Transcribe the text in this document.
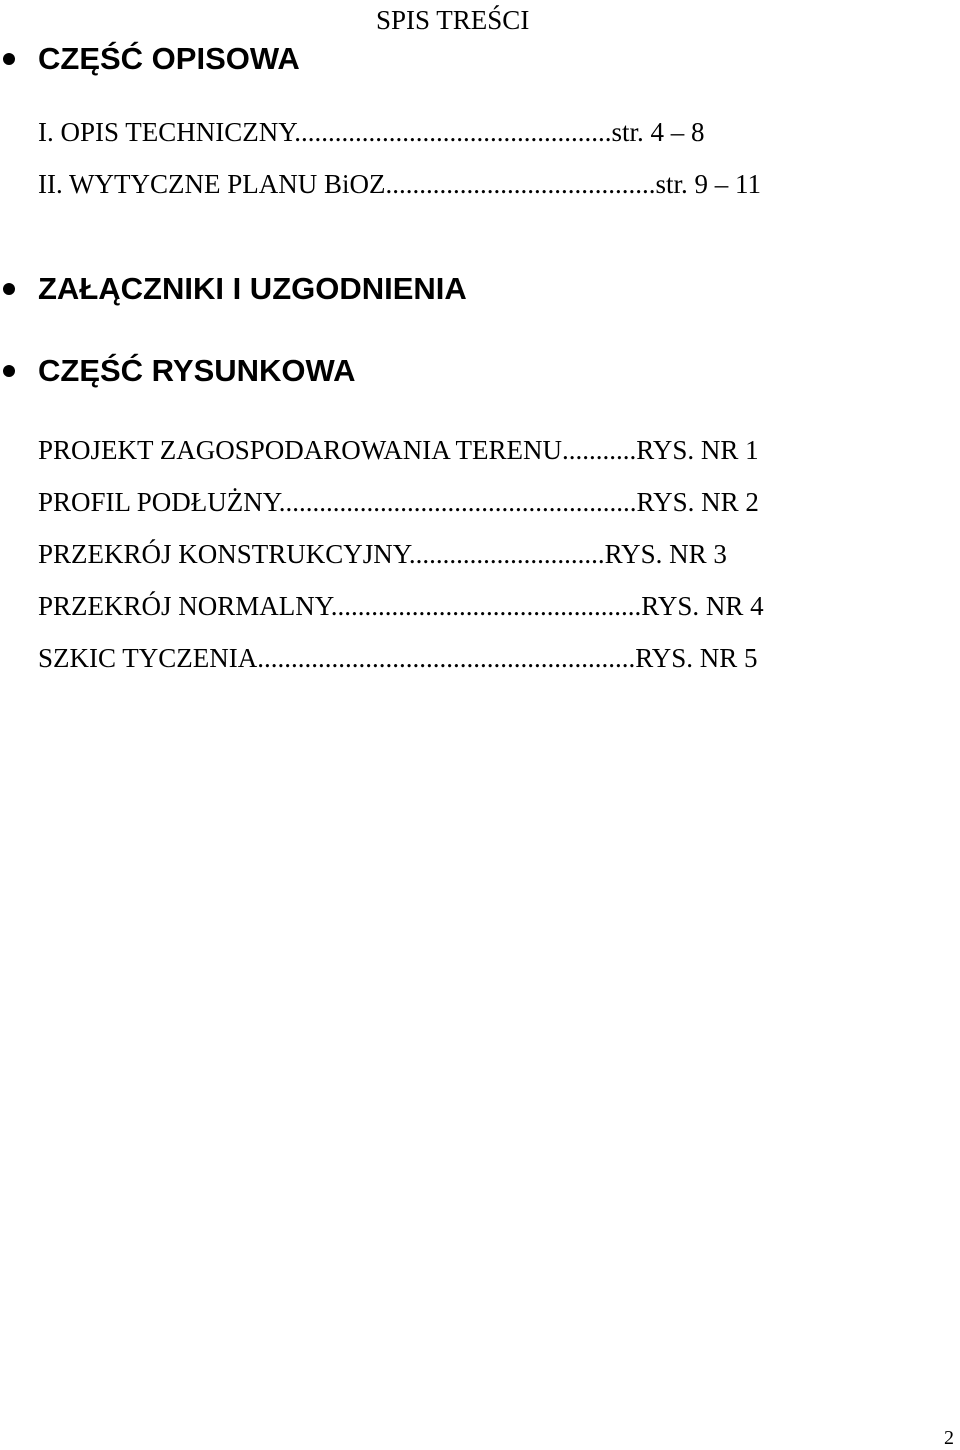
SPIS TREŚCI
CZĘŚĆ OPISOWA
I. OPIS TECHNICZNY...............................................str. 4 – 8
II. WYTYCZNE PLANU BiOZ........................................str. 9 – 11
ZAŁĄCZNIKI I UZGODNIENIA
CZĘŚĆ RYSUNKOWA
PROJEKT ZAGOSPODAROWANIA TERENU...........RYS. NR 1
PROFIL PODŁUŻNY.....................................................RYS. NR 2
PRZEKRÓJ KONSTRUKCYJNY.............................RYS. NR 3
PRZEKRÓJ NORMALNY..............................................RYS. NR 4
SZKIC TYCZENIA........................................................RYS. NR 5
2
